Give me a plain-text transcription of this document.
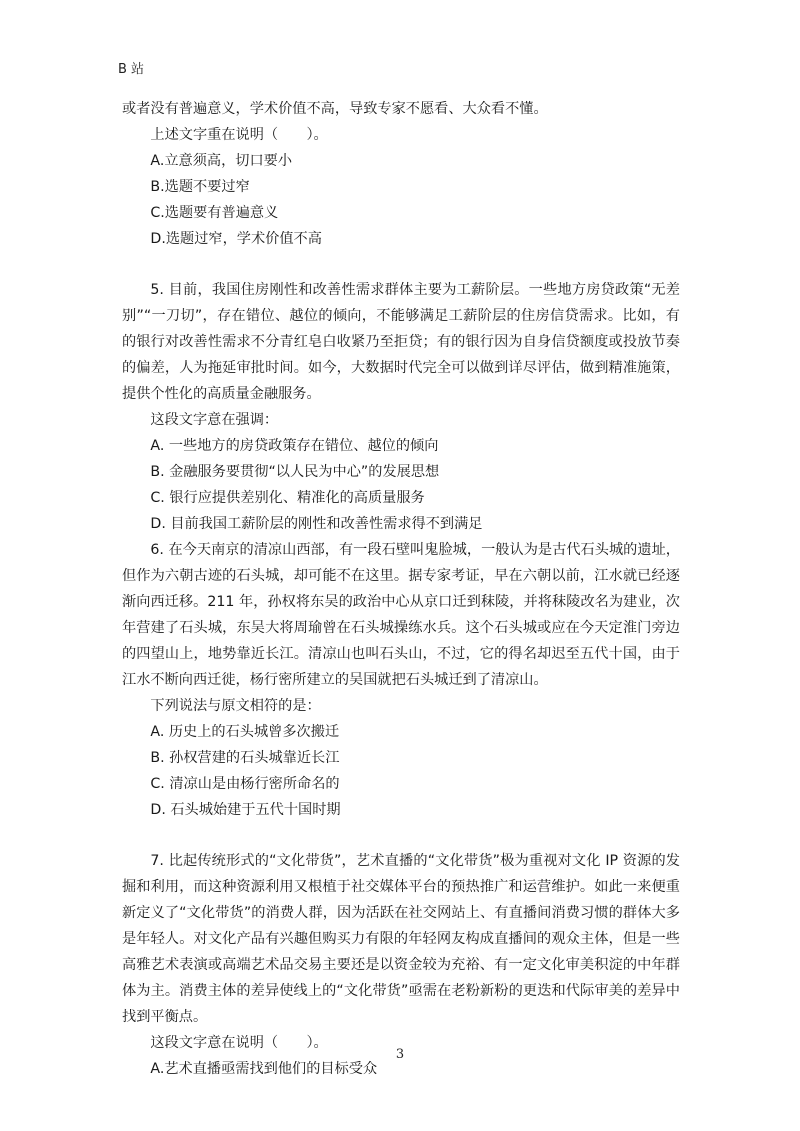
B 站

或者没有普遍意义，学术价值不高，导致专家不愿看、大众看不懂。

上述文字重在说明（　　）。

A.立意须高，切口要小

B.选题不要过窄

C.选题要有普遍意义

D.选题过窄，学术价值不高

5. 目前，我国住房刚性和改善性需求群体主要为工薪阶层。一些地方房贷政策“无差别”“一刀切”，存在错位、越位的倾向，不能够满足工薪阶层的住房信贷需求。比如，有的银行对改善性需求不分青红皂白收紧乃至拒贷；有的银行因为自身信贷额度或投放节奏的偏差，人为拖延审批时间。如今，大数据时代完全可以做到详尽评估，做到精准施策，提供个性化的高质量金融服务。

这段文字意在强调：

A. 一些地方的房贷政策存在错位、越位的倾向

B. 金融服务要贯彻“以人民为中心”的发展思想

C. 银行应提供差别化、精准化的高质量服务

D. 目前我国工薪阶层的刚性和改善性需求得不到满足

6. 在今天南京的清凉山西部，有一段石壁叫鬼脸城，一般认为是古代石头城的遗址，但作为六朝古迹的石头城，却可能不在这里。据专家考证，早在六朝以前，江水就已经逐渐向西迁移。211 年，孙权将东吴的政治中心从京口迁到秣陵，并将秣陵改名为建业，次年营建了石头城，东吴大将周瑜曾在石头城操练水兵。这个石头城或应在今天定淮门旁边的四望山上，地势靠近长江。清凉山也叫石头山，不过，它的得名却迟至五代十国，由于江水不断向西迁徙，杨行密所建立的吴国就把石头城迁到了清凉山。

下列说法与原文相符的是：

A. 历史上的石头城曾多次搬迁

B. 孙权营建的石头城靠近长江

C. 清凉山是由杨行密所命名的

D. 石头城始建于五代十国时期

7. 比起传统形式的“文化带货”，艺术直播的“文化带货”极为重视对文化 IP 资源的发掘和利用，而这种资源利用又根植于社交媒体平台的预热推广和运营维护。如此一来便重新定义了“文化带货”的消费人群，因为活跃在社交网站上、有直播间消费习惯的群体大多是年轻人。对文化产品有兴趣但购买力有限的年轻网友构成直播间的观众主体，但是一些高雅艺术表演或高端艺术品交易主要还是以资金较为充裕、有一定文化审美积淀的中年群体为主。消费主体的差异使线上的“文化带货”亟需在老粉新粉的更迭和代际审美的差异中找到平衡点。

这段文字意在说明（　　）。

A.艺术直播亟需找到他们的目标受众

3
